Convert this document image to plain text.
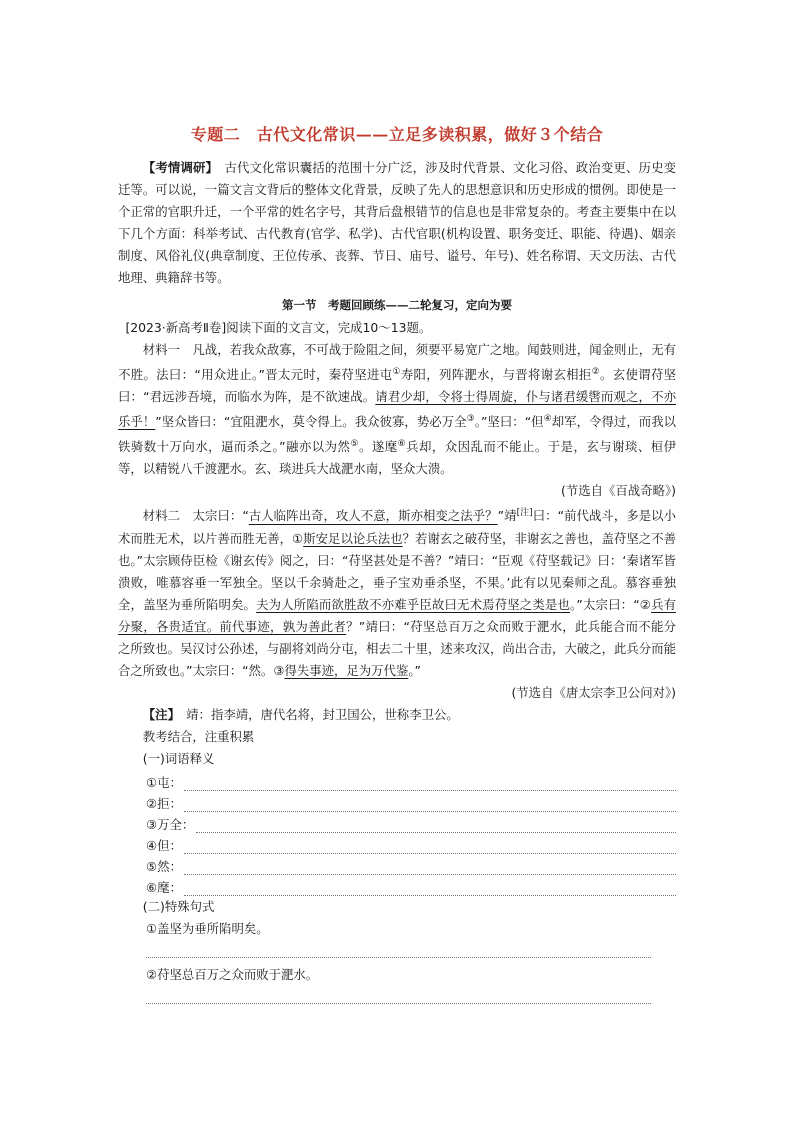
专题二　古代文化常识——立足多读积累，做好３个结合

【考情调研】　 古代文化常识囊括的范围十分广泛，涉及时代背景、文化习俗、政治变更、历史变迁等。可以说，一篇文言文背后的整体文化背景，反映了先人的思想意识和历史形成的惯例。即使是一个正常的官职升迁，一个平常的姓名字号，其背后盘根错节的信息也是非常复杂的。考查主要集中在以下几个方面：科举考试、古代教育(官学、私学)、古代官职(机构设置、职务变迁、职能、待遇)、姻亲制度、风俗礼仪(典章制度、王位传承、丧葬、节日、庙号、谥号、年号)、姓名称谓、天文历法、古代地理、典籍辞书等。

第一节　考题回顾练——二轮复习，定向为要

[2023·新高考Ⅱ卷]阅读下面的文言文，完成10～13题。

材料一　凡战，若我众敌寡，不可战于险阻之间，须要平易宽广之地。闻鼓则进，闻金则止，无有不胜。法曰：“用众进止。”晋太元时，秦苻坚进屯①寿阳，列阵淝水，与晋将谢玄相拒②。玄使谓苻坚曰：“君远涉吾境，而临水为阵，是不欲速战。请君少却，令将士得周旋，仆与诸君缓辔而观之，不亦乐乎！”坚众皆曰：“宜阻淝水，莫令得上。我众彼寡，势必万全③。”坚曰：“但④却军，令得过，而我以铁骑数十万向水，逼而杀之。”融亦以为然⑤。遂麾⑥兵却，众因乱而不能止。于是，玄与谢琰、桓伊等，以精锐八千渡淝水。玄、琰进兵大战淝水南，坚众大溃。

(节选自《百战奇略》)

材料二　太宗曰：“古人临阵出奇，攻人不意，斯亦相变之法乎？”靖[注]曰：“前代战斗，多是以小术而胜无术，以片善而胜无善，①斯安足以论兵法也？若谢玄之破苻坚，非谢玄之善也，盖苻坚之不善也。”太宗顾侍臣检《谢玄传》阅之，曰：“苻坚甚处是不善？”靖曰：“臣观《苻坚载记》曰：‘秦诸军皆溃败，唯慕容垂一军独全。坚以千余骑赴之，垂子宝劝垂杀坚，不果。’此有以见秦师之乱。慕容垂独全，盖坚为垂所陷明矣。夫为人所陷而欲胜敌不亦难乎臣故曰无术焉苻坚之类是也。”太宗曰：“②兵有分聚，各贵适宜。前代事迹，孰为善此者？”靖曰：“苻坚总百万之众而败于淝水，此兵能合而不能分之所致也。吴汉讨公孙述，与副将刘尚分屯，相去二十里，述来攻汉，尚出合击，大破之，此兵分而能合之所致也。”太宗曰：“然。③得失事迹，足为万代鉴。”

(节选自《唐太宗李卫公问对》)

【注】　 靖：指李靖，唐代名将，封卫国公，世称李卫公。

教考结合，注重积累

(一)词语释义

①屯：
②拒：
③万全：
④但：
⑤然：
⑥麾：

(二)特殊句式

①盖坚为垂所陷明矣。
②苻坚总百万之众而败于淝水。
